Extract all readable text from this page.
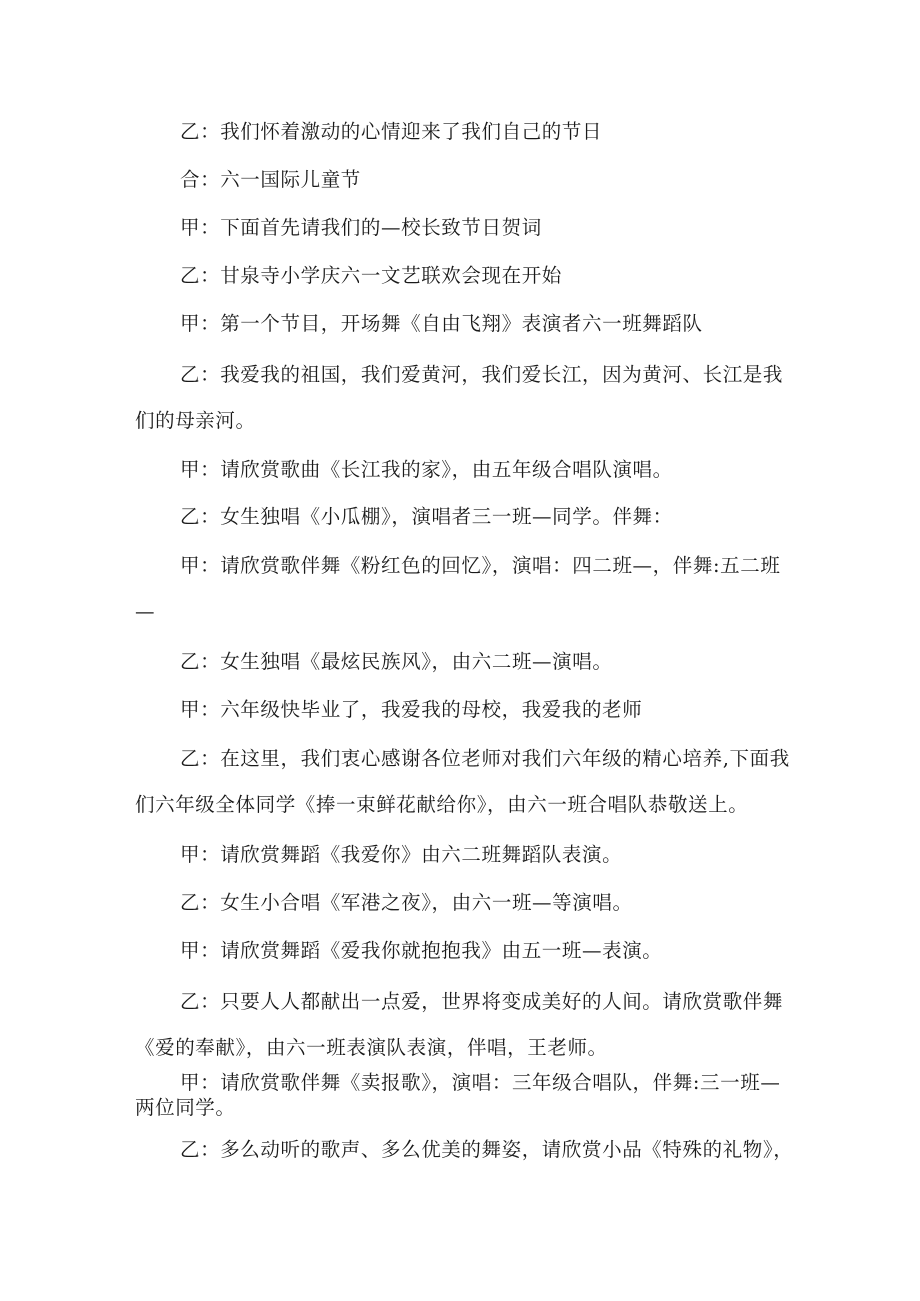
乙：我们怀着激动的心情迎来了我们自己的节日

合：六一国际儿童节

甲：下面首先请我们的—校长致节日贺词

乙：甘泉寺小学庆六一文艺联欢会现在开始

甲：第一个节目，开场舞《自由飞翔》表演者六一班舞蹈队

乙：我爱我的祖国，我们爱黄河，我们爱长江，因为黄河、长江是我们的母亲河。

甲：请欣赏歌曲《长江我的家》，由五年级合唱队演唱。

乙：女生独唱《小瓜棚》，演唱者三一班—同学。伴舞：

甲：请欣赏歌伴舞《粉红色的回忆》，演唱：四二班—，伴舞:五二班—

乙：女生独唱《最炫民族风》，由六二班—演唱。

甲：六年级快毕业了，我爱我的母校，我爱我的老师

乙：在这里，我们衷心感谢各位老师对我们六年级的精心培养,下面我们六年级全体同学《捧一束鲜花献给你》，由六一班合唱队恭敬送上。

甲：请欣赏舞蹈《我爱你》由六二班舞蹈队表演。

乙：女生小合唱《军港之夜》，由六一班—等演唱。

甲：请欣赏舞蹈《爱我你就抱抱我》由五一班—表演。

乙：只要人人都献出一点爱，世界将变成美好的人间。请欣赏歌伴舞《爱的奉献》，由六一班表演队表演，伴唱，王老师。

甲：请欣赏歌伴舞《卖报歌》，演唱：三年级合唱队，伴舞:三一班—两位同学。

乙：多么动听的歌声、多么优美的舞姿，请欣赏小品《特殊的礼物》，
